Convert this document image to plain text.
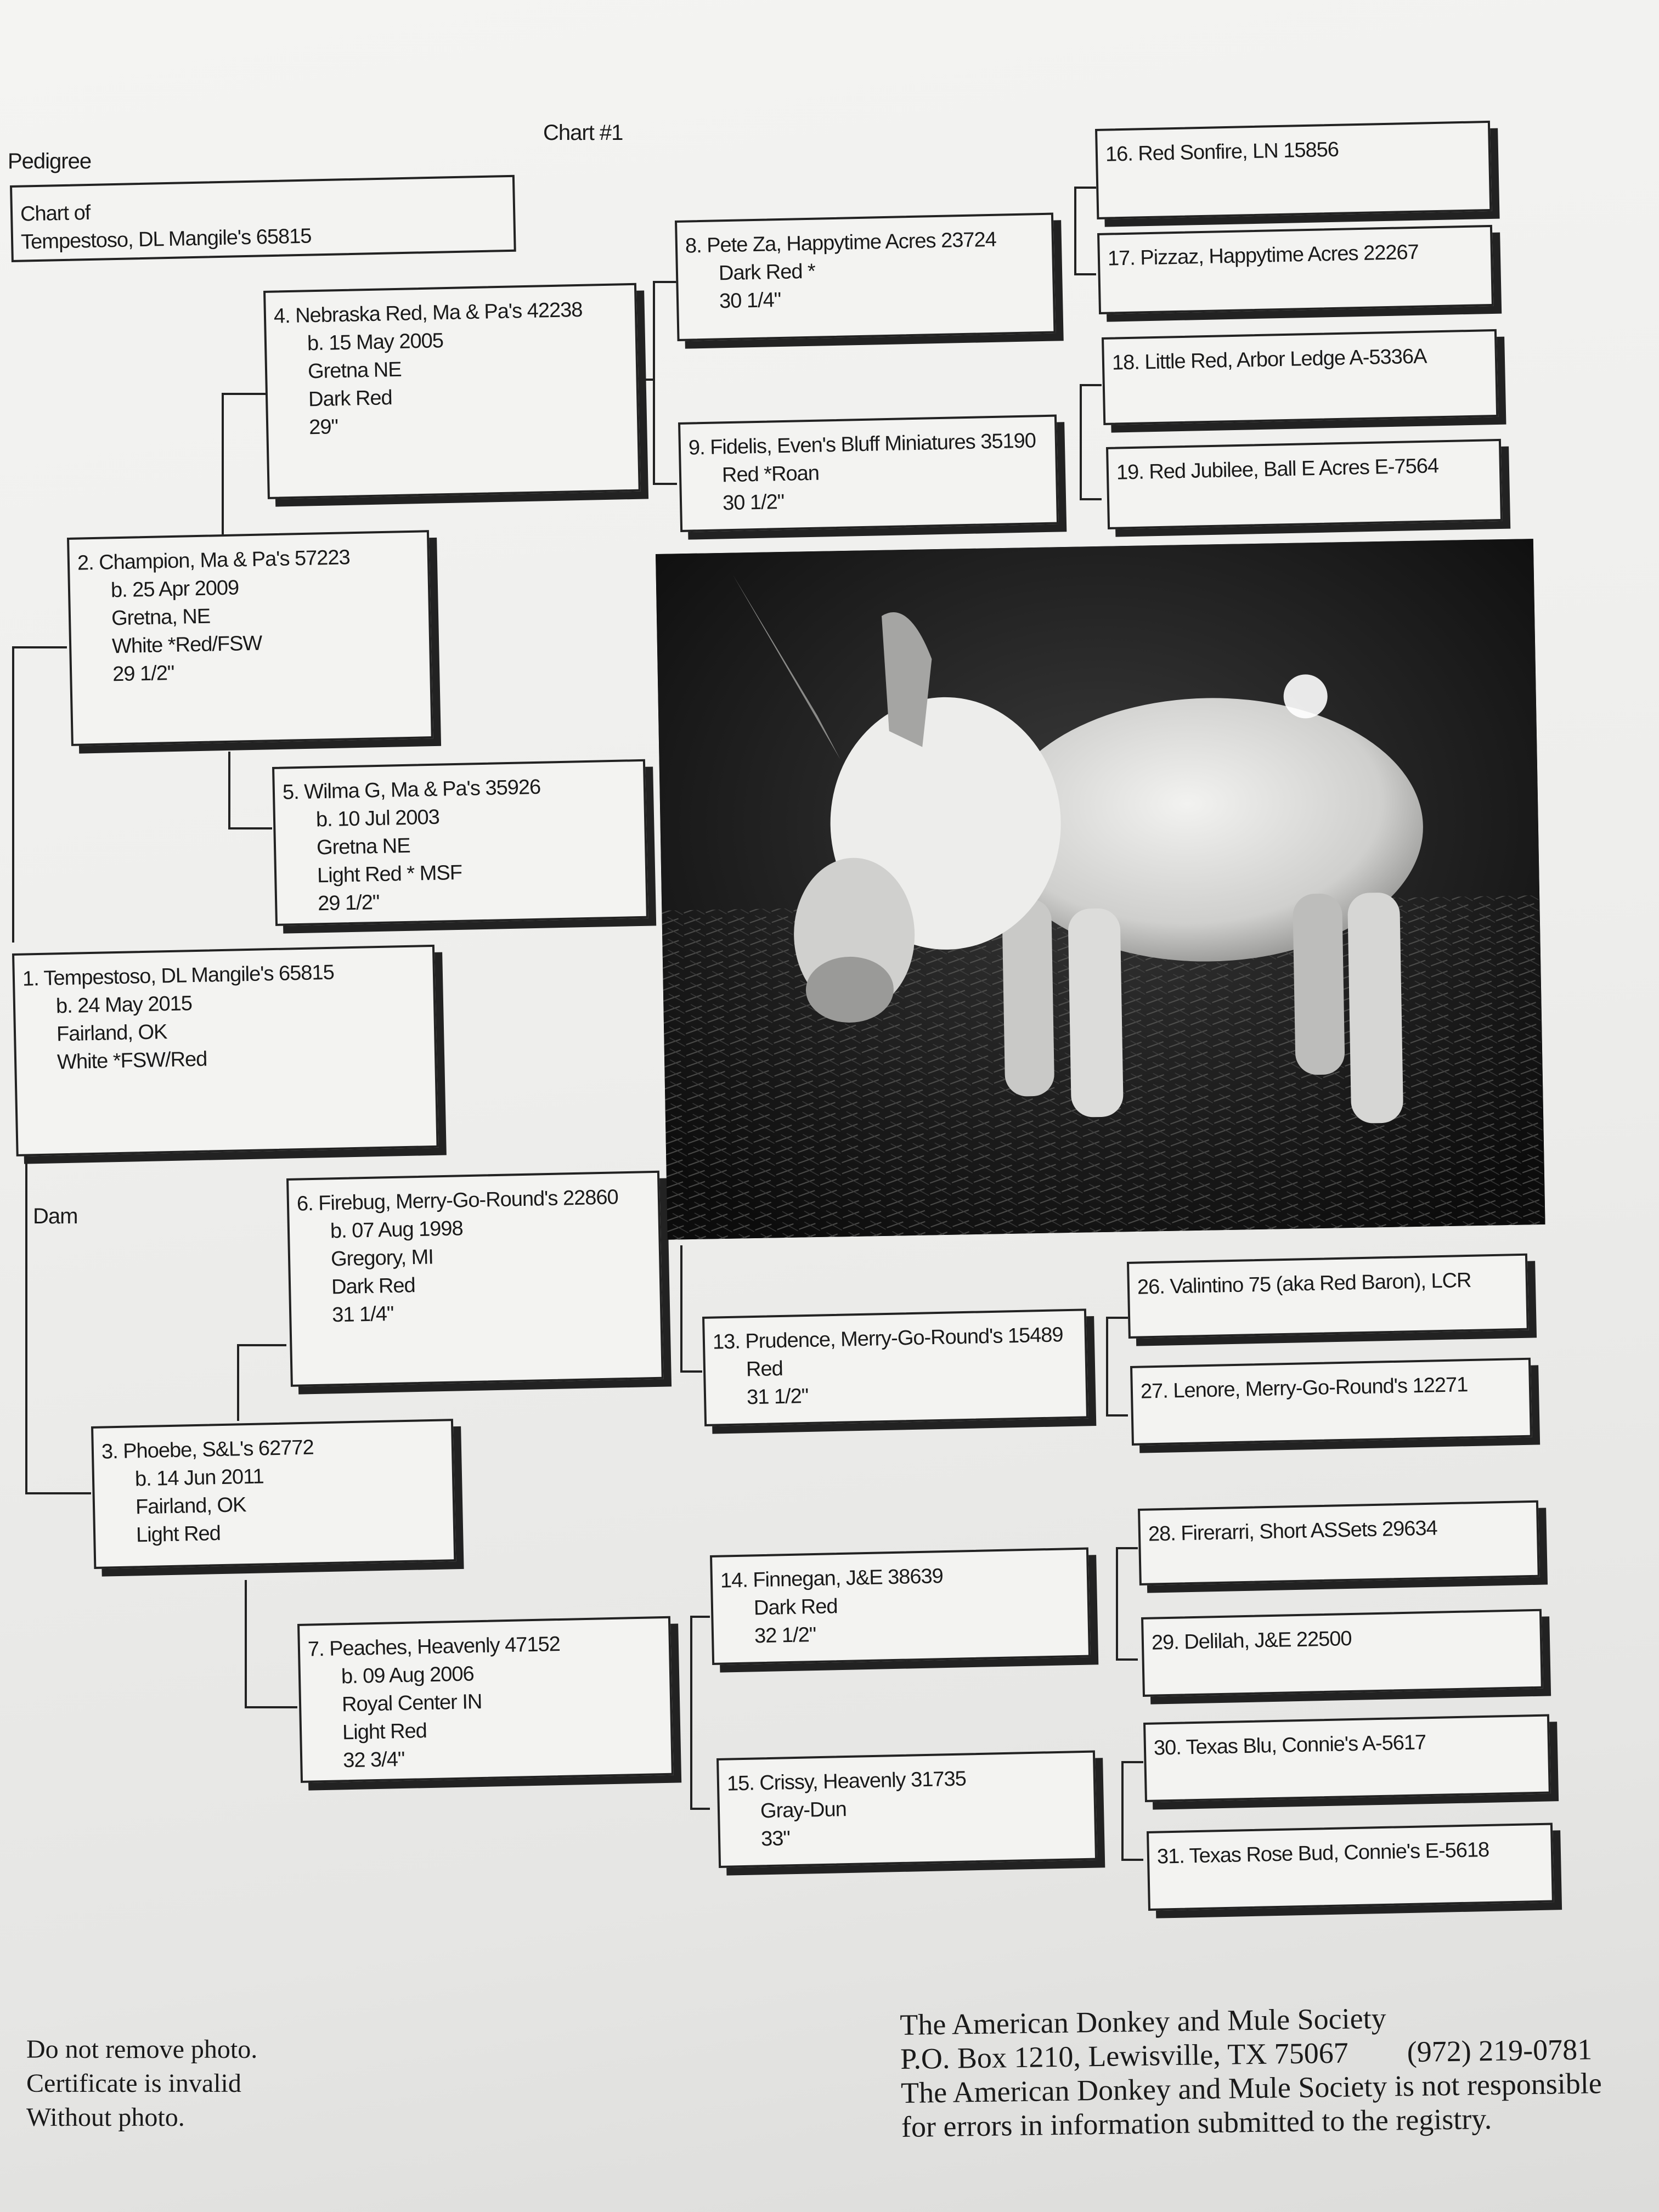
Chart #1
Pedigree
Chart of
Tempestoso, DL Mangile's 65815
Dam
1. Tempestoso, DL Mangile's 65815
b. 24 May 2015
Fairland, OK
White *FSW/Red
2. Champion, Ma & Pa's 57223
b. 25 Apr 2009
Gretna, NE
White *Red/FSW
29 1/2"
3. Phoebe, S&L's 62772
b. 14 Jun 2011
Fairland, OK
Light Red
4. Nebraska Red, Ma & Pa's 42238
b. 15 May 2005
Gretna NE
Dark Red
29"
5. Wilma G, Ma & Pa's 35926
b. 10 Jul 2003
Gretna NE
Light Red * MSF
29 1/2"
6. Firebug, Merry-Go-Round's 22860
b. 07 Aug 1998
Gregory, MI
Dark Red
31 1/4"
7. Peaches, Heavenly 47152
b. 09 Aug 2006
Royal Center IN
Light Red
32 3/4"
8. Pete Za, Happytime Acres 23724
Dark Red *
30 1/4"
9. Fidelis, Even's Bluff Miniatures 35190
Red *Roan
30 1/2"
13. Prudence, Merry-Go-Round's 15489
Red
31 1/2"
14. Finnegan, J&E 38639
Dark Red
32 1/2"
15. Crissy, Heavenly 31735
Gray-Dun
33"
16. Red Sonfire, LN 15856
17. Pizzaz, Happytime Acres 22267
18. Little Red, Arbor Ledge A-5336A
19. Red Jubilee, Ball E Acres E-7564
26. Valintino 75 (aka Red Baron), LCR
27. Lenore, Merry-Go-Round's 12271
28. Firerarri, Short ASSets 29634
29. Delilah, J&E 22500
30. Texas Blu, Connie's A-5617
31. Texas Rose Bud, Connie's E-5618
Do not remove photo.
Certificate is invalid
Without photo.
The American Donkey and Mule Society
P.O. Box 1210, Lewisville, TX 75067 (972) 219-0781
The American Donkey and Mule Society is not responsible
for errors in information submitted to the registry.
